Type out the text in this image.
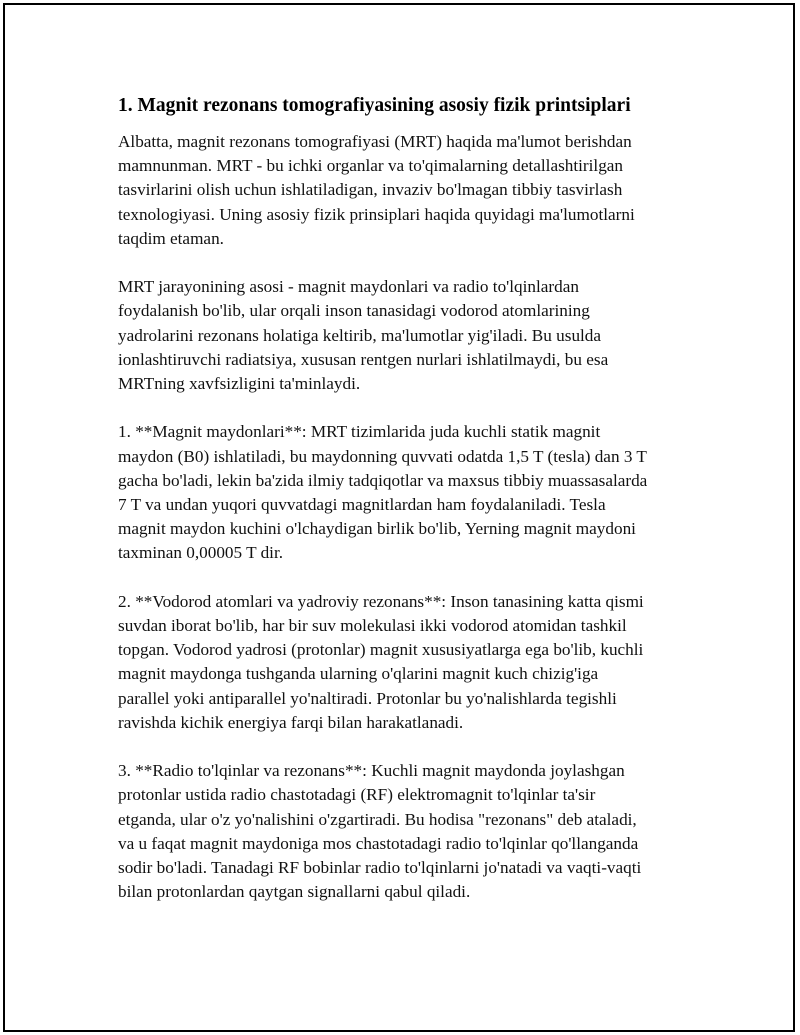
1. Magnit rezonans tomografiyasining asosiy fizik printsiplari

Albatta, magnit rezonans tomografiyasi (MRT) haqida ma'lumot berishdan
mamnunman. MRT - bu ichki organlar va to'qimalarning detallashtirilgan
tasvirlarini olish uchun ishlatiladigan, invaziv bo'lmagan tibbiy tasvirlash
texnologiyasi. Uning asosiy fizik prinsiplari haqida quyidagi ma'lumotlarni
taqdim etaman.

MRT jarayonining asosi - magnit maydonlari va radio to'lqinlardan
foydalanish bo'lib, ular orqali inson tanasidagi vodorod atomlarining
yadrolarini rezonans holatiga keltirib, ma'lumotlar yig'iladi. Bu usulda
ionlashtiruvchi radiatsiya, xususan rentgen nurlari ishlatilmaydi, bu esa
MRTning xavfsizligini ta'minlaydi.

1. **Magnit maydonlari**: MRT tizimlarida juda kuchli statik magnit
maydon (B0) ishlatiladi, bu maydonning quvvati odatda 1,5 T (tesla) dan 3 T
gacha bo'ladi, lekin ba'zida ilmiy tadqiqotlar va maxsus tibbiy muassasalarda
7 T va undan yuqori quvvatdagi magnitlardan ham foydalaniladi. Tesla
magnit maydon kuchini o'lchaydigan birlik bo'lib, Yerning magnit maydoni
taxminan 0,00005 T dir.

2. **Vodorod atomlari va yadroviy rezonans**: Inson tanasining katta qismi
suvdan iborat bo'lib, har bir suv molekulasi ikki vodorod atomidan tashkil
topgan. Vodorod yadrosi (protonlar) magnit xususiyatlarga ega bo'lib, kuchli
magnit maydonga tushganda ularning o'qlarini magnit kuch chizig'iga
parallel yoki antiparallel yo'naltiradi. Protonlar bu yo'nalishlarda tegishli
ravishda kichik energiya farqi bilan harakatlanadi.

3. **Radio to'lqinlar va rezonans**: Kuchli magnit maydonda joylashgan
protonlar ustida radio chastotadagi (RF) elektromagnit to'lqinlar ta'sir
etganda, ular o'z yo'nalishini o'zgartiradi. Bu hodisa "rezonans" deb ataladi,
va u faqat magnit maydoniga mos chastotadagi radio to'lqinlar qo'llanganda
sodir bo'ladi. Tanadagi RF bobinlar radio to'lqinlarni jo'natadi va vaqti-vaqti
bilan protonlardan qaytgan signallarni qabul qiladi.
